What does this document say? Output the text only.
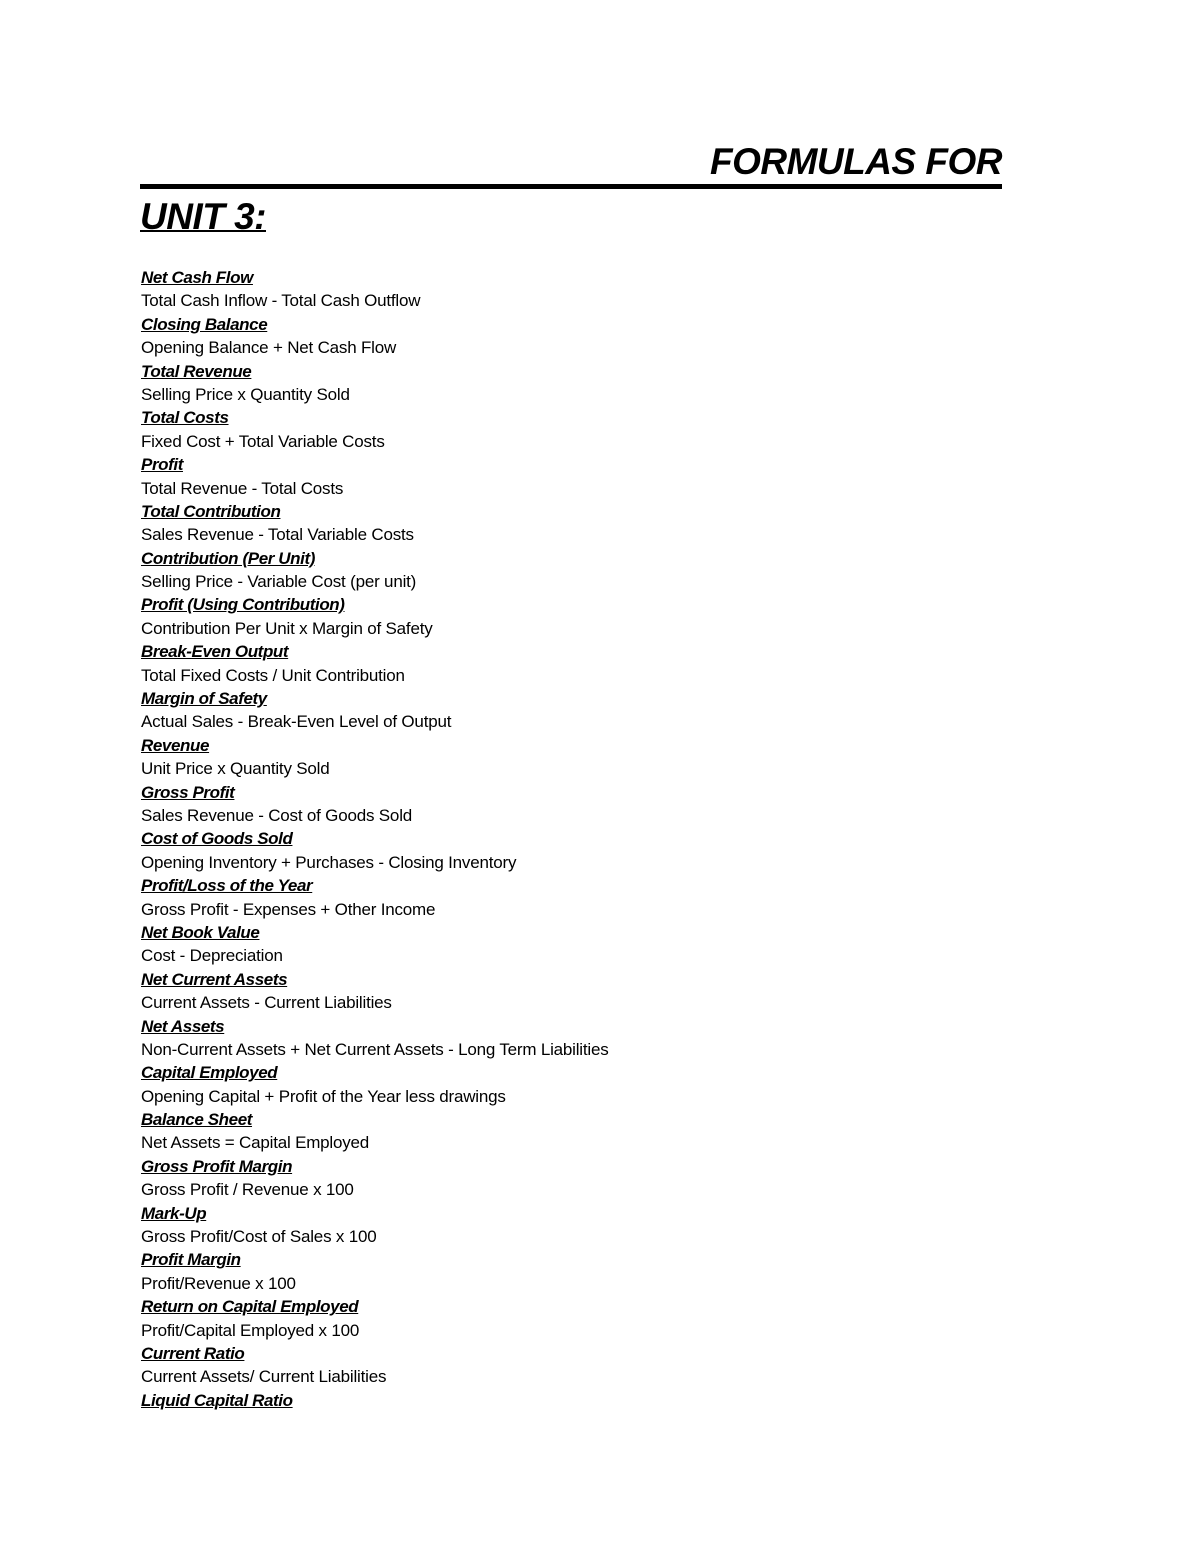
FORMULAS FOR
UNIT 3:
Net Cash Flow
Total Cash Inflow - Total Cash Outflow
Closing Balance
Opening Balance + Net Cash Flow
Total Revenue
Selling Price x Quantity Sold
Total Costs
Fixed Cost + Total Variable Costs
Profit
Total Revenue - Total Costs
Total Contribution
Sales Revenue - Total Variable Costs
Contribution (Per Unit)
Selling Price - Variable Cost (per unit)
Profit (Using Contribution)
Contribution Per Unit x Margin of Safety
Break-Even Output
Total Fixed Costs / Unit Contribution
Margin of Safety
Actual Sales - Break-Even Level of Output
Revenue
Unit Price x Quantity Sold
Gross Profit
Sales Revenue - Cost of Goods Sold
Cost of Goods Sold
Opening Inventory + Purchases - Closing Inventory
Profit/Loss of the Year
Gross Profit - Expenses + Other Income
Net Book Value
Cost - Depreciation
Net Current Assets
Current Assets - Current Liabilities
Net Assets
Non-Current Assets + Net Current Assets - Long Term Liabilities
Capital Employed
Opening Capital + Profit of the Year less drawings
Balance Sheet
Net Assets = Capital Employed
Gross Profit Margin
Gross Profit / Revenue x 100
Mark-Up
Gross Profit/Cost of Sales x 100
Profit Margin
Profit/Revenue x 100
Return on Capital Employed
Profit/Capital Employed x 100
Current Ratio
Current Assets/ Current Liabilities
Liquid Capital Ratio
